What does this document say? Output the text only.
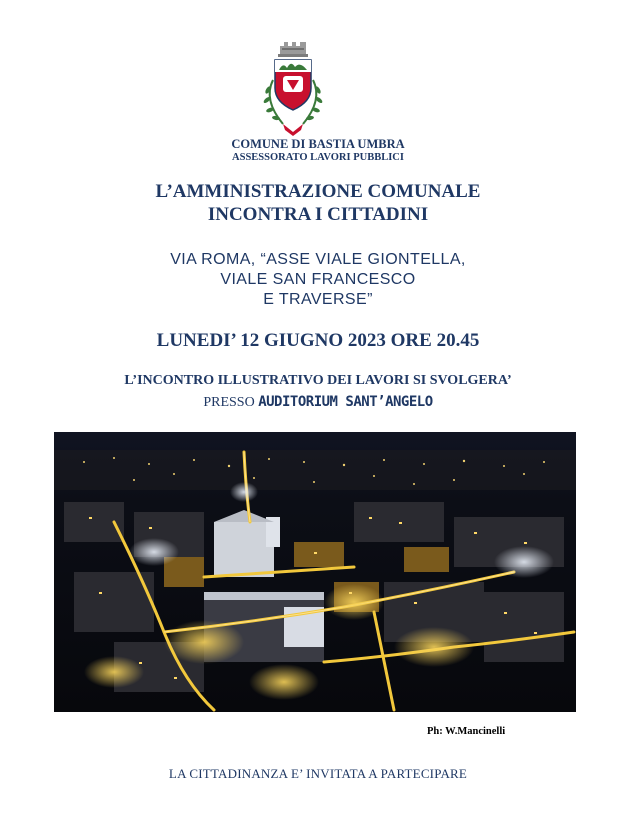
COMUNE DI BASTIA UMBRA
ASSESSORATO LAVORI PUBBLICI
L’AMMINISTRAZIONE COMUNALE
INCONTRA I CITTADINI
VIA ROMA, “ASSE VIALE GIONTELLA,
VIALE SAN FRANCESCO
E TRAVERSE”
LUNEDI’ 12 GIUGNO 2023 ORE 20.45
L’INCONTRO ILLUSTRATIVO DEI LAVORI SI SVOLGERA’
PRESSO AUDITORIUM SANT’ANGELO
Ph: W.Mancinelli
LA CITTADINANZA E’ INVITATA A PARTECIPARE
